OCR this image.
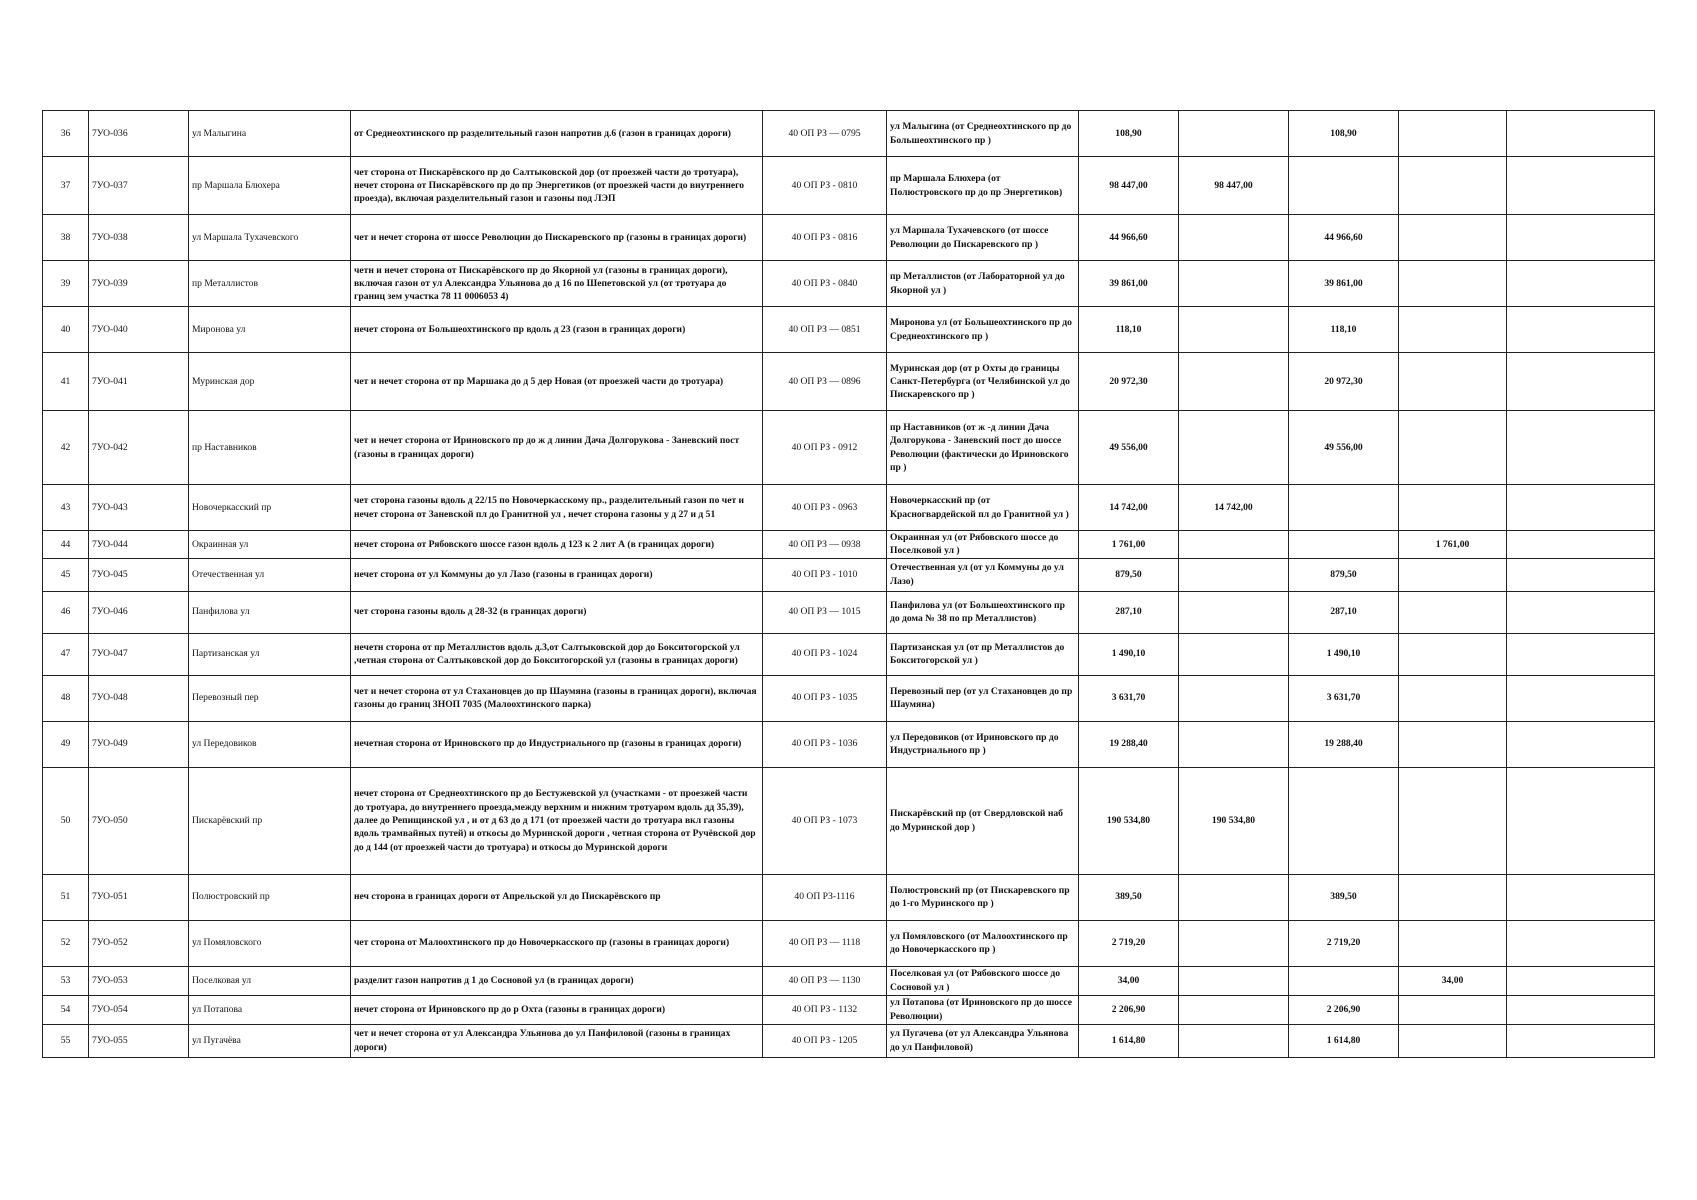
36	7УО-036	ул Малыгина	от Среднеохтинского пр разделительный газон напротив д.6 (газон в границах дороги)	40 ОП РЗ — 0795	ул Малыгина (от Среднеохтинского пр до Большеохтинского пр )	108,90		108,90		
37	7УО-037	пр Маршала Блюхера	чет сторона от Пискарёвского пр до Салтыковской дор (от проезжей части до тротуара), нечет сторона от Пискарёвского пр до пр Энергетиков (от проезжей части до внутреннего проезда), включая разделительный газон и газоны под ЛЭП	40 ОП РЗ - 0810	пр Маршала Блюхера (от Полюстровского пр до пр Энергетиков)	98 447,00	98 447,00			
38	7УО-038	ул Маршала Тухачевского	чет и нечет сторона от шоссе Революции до Пискаревского пр (газоны в границах дороги)	40 ОП РЗ - 0816	ул Маршала Тухачевского (от шоссе Революции до Пискаревского пр )	44 966,60		44 966,60		
39	7УО-039	пр Металлистов	четн и нечет сторона от Пискарёвского пр до Якорной ул (газоны в границах дороги), включая газон от ул Александра Ульянова до д 16 по Шепетовской ул (от тротуара до границ зем участка 78 11 0006053 4)	40 ОП РЗ - 0840	пр Металлистов (от Лабораторной ул до Якорной ул )	39 861,00		39 861,00		
40	7УО-040	Миронова ул	нечет сторона от Большеохтинского пр вдоль д 23 (газон в границах дороги)	40 ОП РЗ — 0851	Миронова ул (от Большеохтинского пр до Среднеохтинского пр )	118,10		118,10		
41	7УО-041	Муринская дор	чет и нечет сторона от пр Маршака до д 5 дер Новая (от проезжей части до тротуара)	40 ОП РЗ — 0896	Муринская дор (от р Охты до границы Санкт-Петербурга (от Челябинской ул до Пискаревского пр )	20 972,30		20 972,30		
42	7УО-042	пр Наставников	чет и нечет сторона от Ириновского пр до ж д линии Дача Долгорукова - Заневский пост (газоны в границах дороги)	40 ОП РЗ - 0912	пр Наставников (от ж -д линии Дача Долгорукова - Заневский пост до шоссе Революции (фактически до Ириновского пр )	49 556,00		49 556,00		
43	7УО-043	Новочеркасский пр	чет сторона газоны вдоль д 22/15 по Новочеркасскому пр., разделительный газон по чет и нечет сторона от Заневской пл до Гранитной ул , нечет сторона газоны у д 27 и д 51	40 ОП РЗ - 0963	Новочеркасский пр (от Красногвардейской пл до Гранитной ул )	14 742,00	14 742,00			
44	7УО-044	Окраинная ул	нечет сторона от Рябовского шоссе газон вдоль д 123 к 2 лит А (в границах дороги)	40 ОП РЗ — 0938	Окраинная ул (от Рябовского шоссе до Поселковой ул )	1 761,00			1 761,00	
45	7УО-045	Отечественная ул	нечет сторона от ул Коммуны до ул Лазо (газоны в границах дороги)	40 ОП РЗ - 1010	Отечественная ул (от ул Коммуны до ул Лазо)	879,50		879,50		
46	7УО-046	Панфилова ул	чет сторона газоны вдоль д 28-32 (в границах дороги)	40 ОП РЗ — 1015	Панфилова ул (от Большеохтинского пр до дома № 38 по пр Металлистов)	287,10		287,10		
47	7УО-047	Партизанская ул	нечетн сторона от пр Металлистов вдоль д.3,от Салтыковской дор до Бокситогорской ул ,четная сторона от Салтыковской дор до Бокситогорской ул (газоны в границах дороги)	40 ОП РЗ - 1024	Партизанская ул (от пр Металлистов до Бокситогорской ул )	1 490,10		1 490,10		
48	7УО-048	Перевозный пер	чет и нечет сторона от ул Стахановцев до пр Шаумяна (газоны в границах дороги), включая газоны до границ ЗНОП 7035 (Малоохтинского парка)	40 ОП РЗ - 1035	Перевозный пер (от ул Стахановцев до пр Шаумяна)	3 631,70		3 631,70		
49	7УО-049	ул Передовиков	нечетная сторона от Ириновского пр до Индустриального пр (газоны в границах дороги)	40 ОП РЗ - 1036	ул Передовиков (от Ириновского пр до Индустриального пр )	19 288,40		19 288,40		
50	7УО-050	Пискарёвский пр	нечет сторона от Среднеохтинского пр до Бестужевской ул (участками - от проезжей части до тротуара, до внутреннего проезда,между верхним и нижним тротуаром вдоль дд 35,39), далее до Репищинской ул , и от д 63 до д 171 (от проезжей части до тротуара вкл газоны вдоль трамвайных путей) и откосы до Муринской дороги , четная сторона от Ручёвской дор до д 144 (от проезжей части до тротуара) и откосы до Муринской дороги	40 ОП РЗ - 1073	Пискарёвский пр (от Свердловской наб до Муринской дор )	190 534,80	190 534,80			
51	7УО-051	Полюстровский пр	неч сторона в границах дороги от Апрельской ул до Пискарёвского пр	40 ОП РЗ-1116	Полюстровский пр (от Пискаревского пр до 1-го Муринского пр )	389,50		389,50		
52	7УО-052	ул Помяловского	чет сторона от Малоохтинского пр до Новочеркасского пр (газоны в границах дороги)	40 ОП РЗ — 1118	ул Помяловского (от Малоохтинского пр до Новочеркасского пр )	2 719,20		2 719,20		
53	7УО-053	Поселковая ул	разделит газон напротив д 1 до Сосновой ул (в границах дороги)	40 ОП РЗ — 1130	Поселковая ул (от Рябовского шоссе до Сосновой ул )	34,00			34,00	
54	7УО-054	ул Потапова	нечет сторона от Ириновского пр до р Охта (газоны в границах дороги)	40 ОП РЗ - 1132	ул Потапова (от Ириновского пр до шоссе Революции)	2 206,90		2 206,90		
55	7УО-055	ул Пугачёва	чет и нечет сторона от ул Александра Ульянова до ул Панфиловой (газоны в границах дороги)	40 ОП РЗ - 1205	ул Пугачева (от ул Александра Ульянова до ул Панфиловой)	1 614,80		1 614,80		
